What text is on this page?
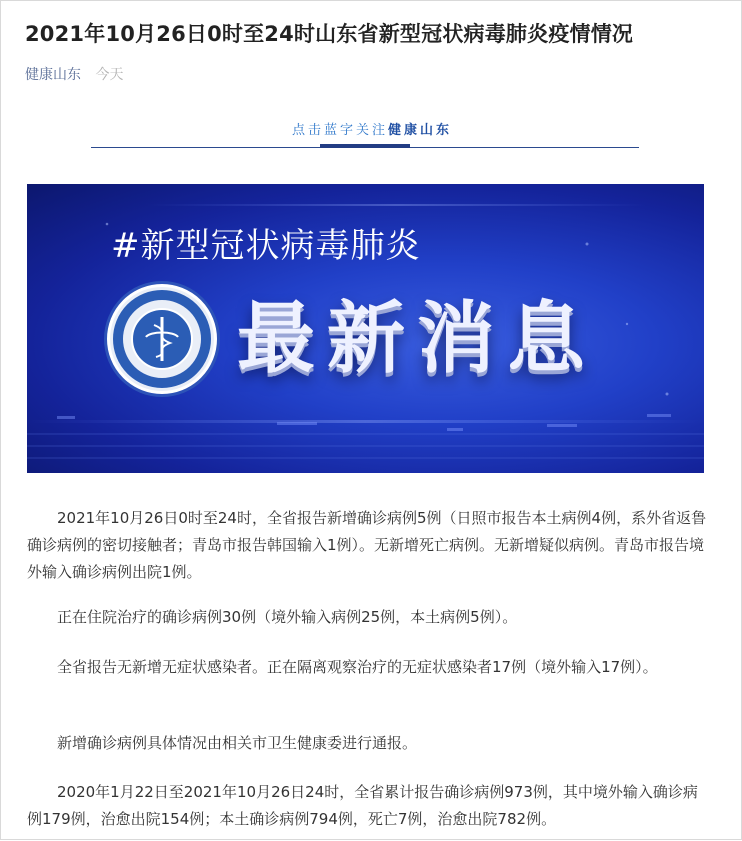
2021年10月26日0时至24时山东省新型冠状病毒肺炎疫情情况
健康山东 今天
点击蓝字关注健康山东
#新型冠状病毒肺炎
最新消息

2021年10月26日0时至24时，全省报告新增确诊病例5例（日照市报告本土病例4例，系外省返鲁确诊病例的密切接触者；青岛市报告韩国输入1例）。无新增死亡病例。无新增疑似病例。青岛市报告境外输入确诊病例出院1例。

正在住院治疗的确诊病例30例（境外输入病例25例，本土病例5例）。

全省报告无新增无症状感染者。正在隔离观察治疗的无症状感染者17例（境外输入17例）。

新增确诊病例具体情况由相关市卫生健康委进行通报。

2020年1月22日至2021年10月26日24时，全省累计报告确诊病例973例，其中境外输入确诊病例179例，治愈出院154例；本土确诊病例794例，死亡7例，治愈出院782例。
